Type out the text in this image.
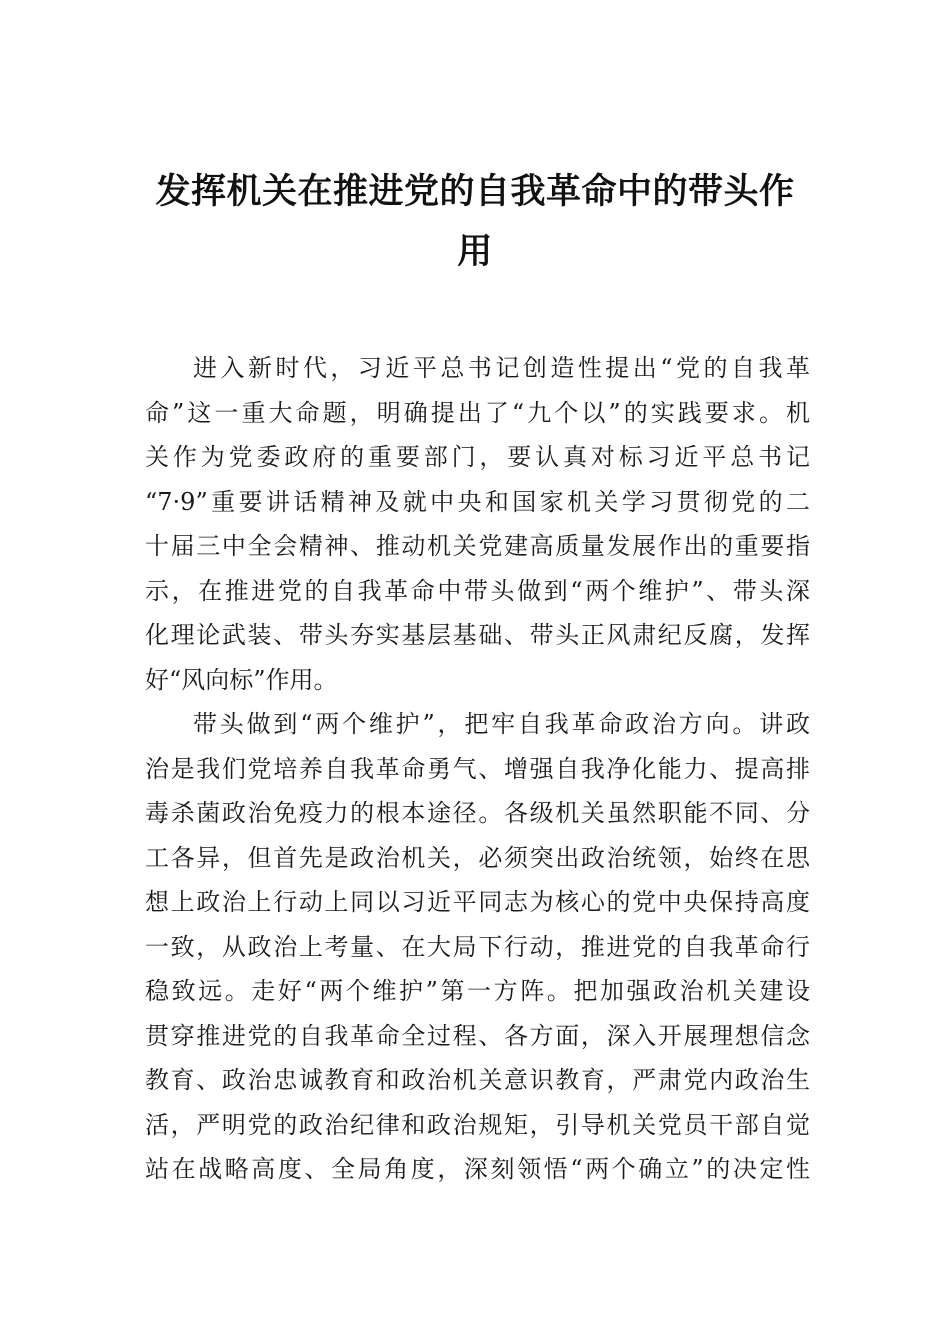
发挥机关在推进党的自我革命中的带头作
用
进入新时代，习近平总书记创造性提出“党的自我革
命”这一重大命题，明确提出了“九个以”的实践要求。机
关作为党委政府的重要部门，要认真对标习近平总书记
“7·9”重要讲话精神及就中央和国家机关学习贯彻党的二
十届三中全会精神、推动机关党建高质量发展作出的重要指
示，在推进党的自我革命中带头做到“两个维护”、带头深
化理论武装、带头夯实基层基础、带头正风肃纪反腐，发挥
好“风向标”作用。
带头做到“两个维护”，把牢自我革命政治方向。讲政
治是我们党培养自我革命勇气、增强自我净化能力、提高排
毒杀菌政治免疫力的根本途径。各级机关虽然职能不同、分
工各异，但首先是政治机关，必须突出政治统领，始终在思
想上政治上行动上同以习近平同志为核心的党中央保持高度
一致，从政治上考量、在大局下行动，推进党的自我革命行
稳致远。走好“两个维护”第一方阵。把加强政治机关建设
贯穿推进党的自我革命全过程、各方面，深入开展理想信念
教育、政治忠诚教育和政治机关意识教育，严肃党内政治生
活，严明党的政治纪律和政治规矩，引导机关党员干部自觉
站在战略高度、全局角度，深刻领悟“两个确立”的决定性
